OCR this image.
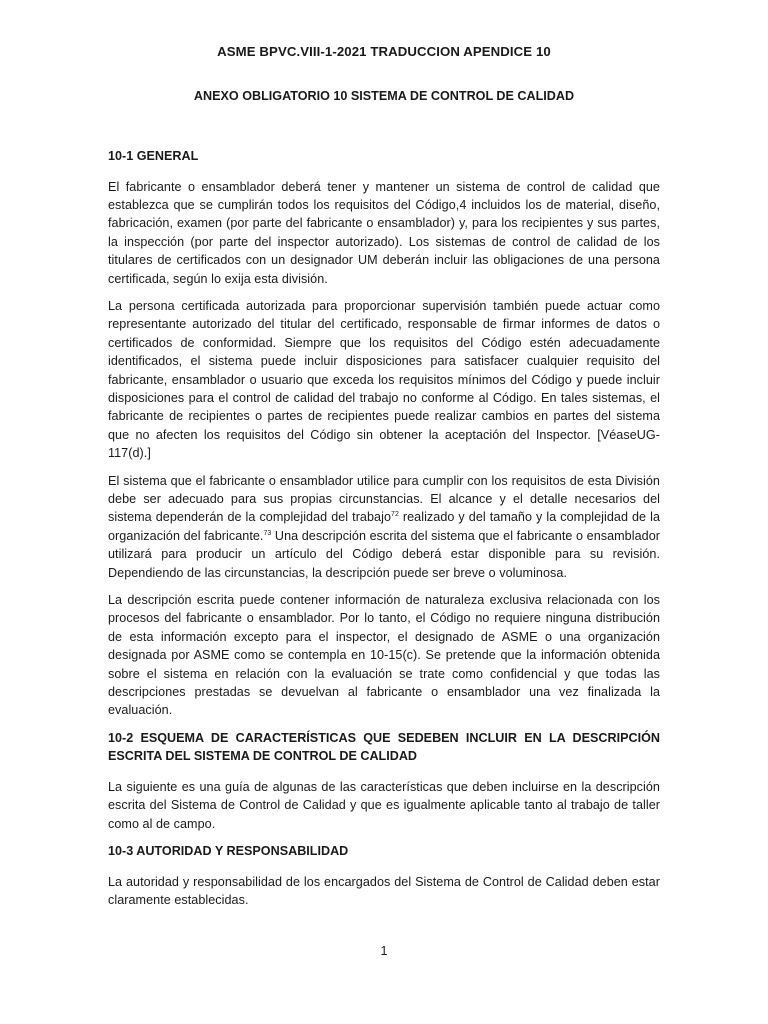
ASME BPVC.VIII-1-2021 TRADUCCION APENDICE 10
ANEXO OBLIGATORIO 10 SISTEMA DE CONTROL DE CALIDAD
10-1 GENERAL

El fabricante o ensamblador deberá tener y mantener un sistema de control de calidad que establezca que se cumplirán todos los requisitos del Código,4 incluidos los de material, diseño, fabricación, examen (por parte del fabricante o ensamblador) y, para los recipientes y sus partes, la inspección (por parte del inspector autorizado). Los sistemas de control de calidad de los titulares de certificados con un designador UM deberán incluir las obligaciones de una persona certificada, según lo exija esta división.

La persona certificada autorizada para proporcionar supervisión también puede actuar como representante autorizado del titular del certificado, responsable de firmar informes de datos o certificados de conformidad. Siempre que los requisitos del Código estén adecuadamente identificados, el sistema puede incluir disposiciones para satisfacer cualquier requisito del fabricante, ensamblador o usuario que exceda los requisitos mínimos del Código y puede incluir disposiciones para el control de calidad del trabajo no conforme al Código. En tales sistemas, el fabricante de recipientes o partes de recipientes puede realizar cambios en partes del sistema que no afecten los requisitos del Código sin obtener la aceptación del Inspector. [VéaseUG-117(d).]

El sistema que el fabricante o ensamblador utilice para cumplir con los requisitos de esta División debe ser adecuado para sus propias circunstancias. El alcance y el detalle necesarios del sistema dependerán de la complejidad del trabajo$^{72}$ realizado y del tamaño y la complejidad de la organización del fabricante.$^{73}$ Una descripción escrita del sistema que el fabricante o ensamblador utilizará para producir un artículo del Código deberá estar disponible para su revisión. Dependiendo de las circunstancias, la descripción puede ser breve o voluminosa.

La descripción escrita puede contener información de naturaleza exclusiva relacionada con los procesos del fabricante o ensamblador. Por lo tanto, el Código no requiere ninguna distribución de esta información excepto para el inspector, el designado de ASME o una organización designada por ASME como se contempla en 10-15(c). Se pretende que la información obtenida sobre el sistema en relación con la evaluación se trate como confidencial y que todas las descripciones prestadas se devuelvan al fabricante o ensamblador una vez finalizada la evaluación.

10-2 ESQUEMA DE CARACTERÍSTICAS QUE SEDEBEN INCLUIR EN LA DESCRIPCIÓN ESCRITA DEL SISTEMA DE CONTROL DE CALIDAD

La siguiente es una guía de algunas de las características que deben incluirse en la descripción escrita del Sistema de Control de Calidad y que es igualmente aplicable tanto al trabajo de taller como al de campo.

10-3 AUTORIDAD Y RESPONSABILIDAD

La autoridad y responsabilidad de los encargados del Sistema de Control de Calidad deben estar claramente establecidas.

1
